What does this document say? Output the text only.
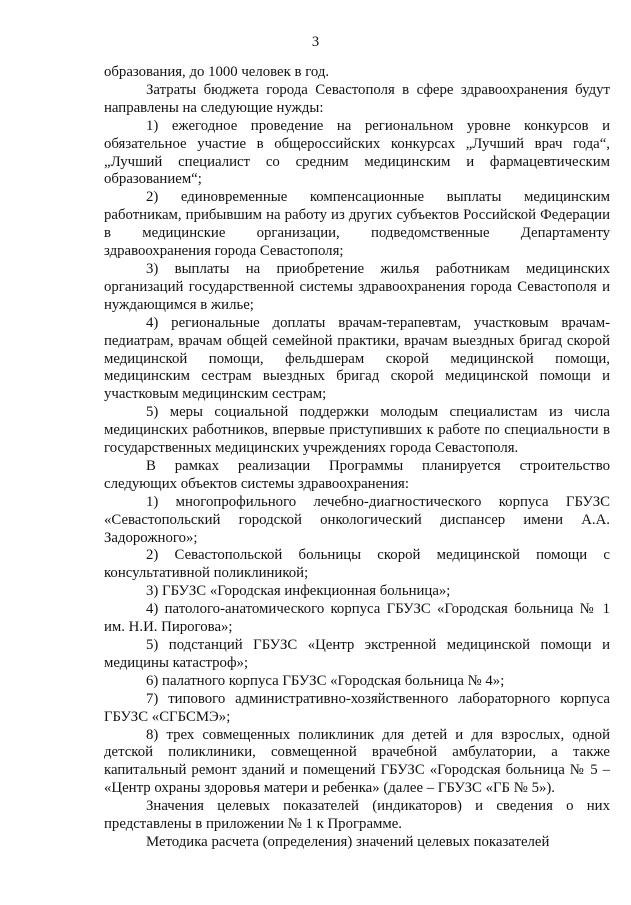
3

образования, до 1000 человек в год.

Затраты бюджета города Севастополя в сфере здравоохранения будут направлены на следующие нужды:

1) ежегодное проведение на региональном уровне конкурсов и обязательное участие в общероссийских конкурсах „Лучший врач года“, „Лучший специалист со средним медицинским и фармацевтическим образованием“;

2) единовременные компенсационные выплаты медицинским работникам, прибывшим на работу из других субъектов Российской Федерации в медицинские организации, подведомственные Департаменту здравоохранения города Севастополя;

3) выплаты на приобретение жилья работникам медицинских организаций государственной системы здравоохранения города Севастополя и нуждающимся в жилье;

4) региональные доплаты врачам-терапевтам, участковым врачам-педиатрам, врачам общей семейной практики, врачам выездных бригад скорой медицинской помощи, фельдшерам скорой медицинской помощи, медицинским сестрам выездных бригад скорой медицинской помощи и участковым медицинским сестрам;

5) меры социальной поддержки молодым специалистам из числа медицинских работников, впервые приступивших к работе по специальности в государственных медицинских учреждениях города Севастополя.

В рамках реализации Программы планируется строительство следующих объектов системы здравоохранения:

1) многопрофильного лечебно-диагностического корпуса ГБУЗС «Севастопольский городской онкологический диспансер имени А.А. Задорожного»;

2) Севастопольской больницы скорой медицинской помощи с консультативной поликлиникой;

3) ГБУЗС «Городская инфекционная больница»;

4) патолого-анатомического корпуса ГБУЗС «Городская больница № 1 им. Н.И. Пирогова»;

5) подстанций ГБУЗС «Центр экстренной медицинской помощи и медицины катастроф»;

6) палатного корпуса ГБУЗС «Городская больница № 4»;

7) типового административно-хозяйственного лабораторного корпуса ГБУЗС «СГБСМЭ»;

8) трех совмещенных поликлиник для детей и для взрослых, одной детской поликлиники, совмещенной врачебной амбулатории, а также капитальный ремонт зданий и помещений ГБУЗС «Городская больница № 5 – «Центр охраны здоровья матери и ребенка» (далее – ГБУЗС «ГБ № 5»).

Значения целевых показателей (индикаторов) и сведения о них представлены в приложении № 1 к Программе.

Методика расчета (определения) значений целевых показателей
